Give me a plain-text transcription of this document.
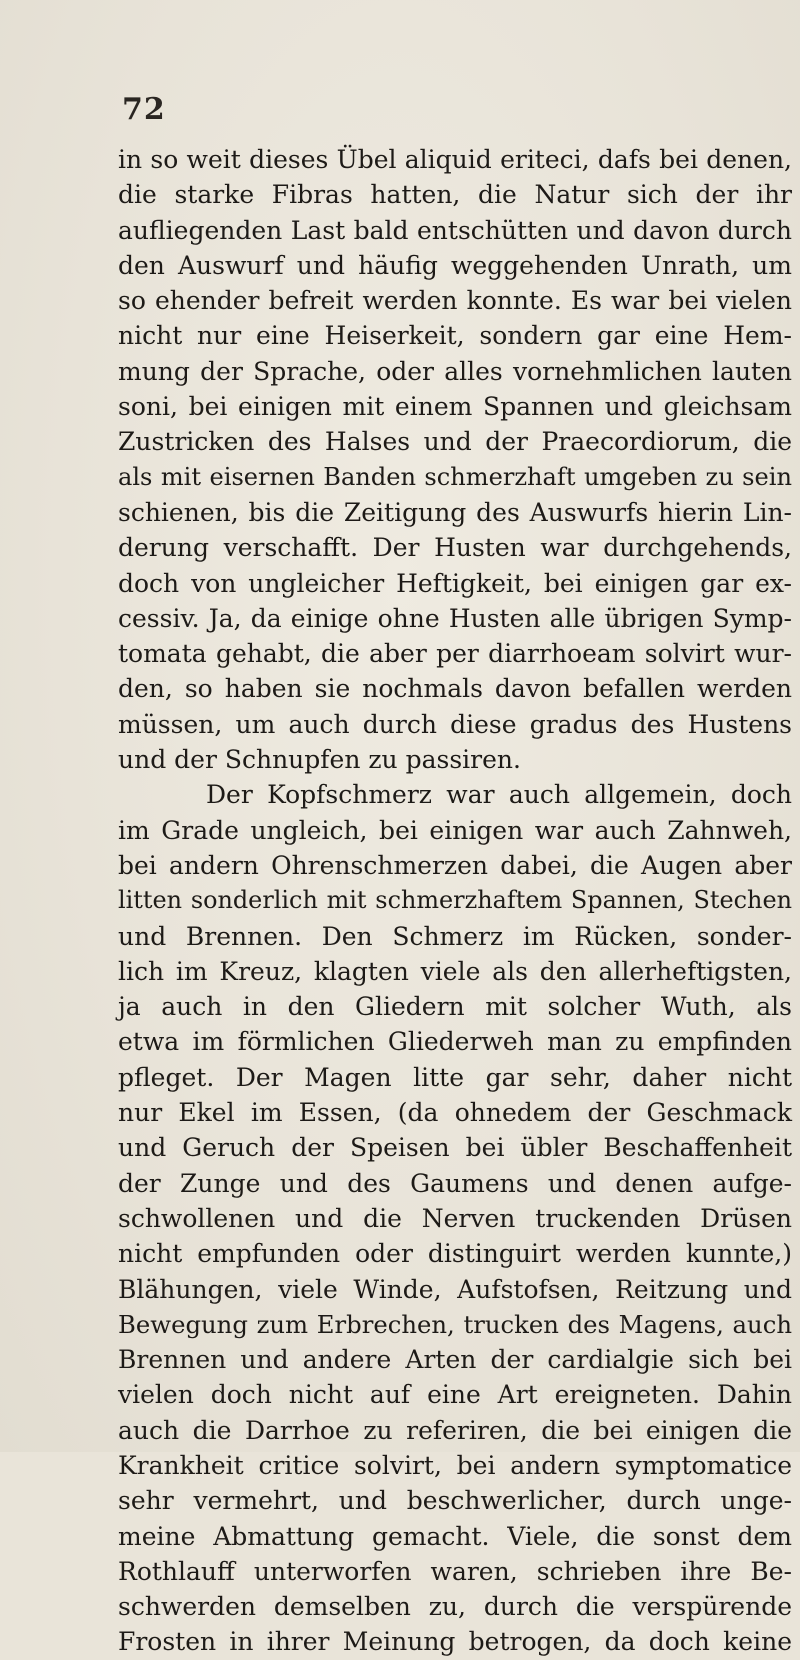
72
in so weit dieses Übel aliquid eriteci, dafs bei denen,
die starke Fibras hatten, die Natur sich der ihr
aufliegenden Last bald entschütten und davon durch
den Auswurf und häufig weggehenden Unrath, um
so ehender befreit werden konnte. Es war bei vielen
nicht nur eine Heiserkeit, sondern gar eine Hem-
mung der Sprache, oder alles vornehmlichen lauten
soni, bei einigen mit einem Spannen und gleichsam
Zustricken des Halses und der Praecordiorum, die
als mit eisernen Banden schmerzhaft umgeben zu sein
schienen, bis die Zeitigung des Auswurfs hierin Lin-
derung verschafft. Der Husten war durchgehends,
doch von ungleicher Heftigkeit, bei einigen gar ex-
cessiv. Ja, da einige ohne Husten alle übrigen Symp-
tomata gehabt, die aber per diarrhoeam solvirt wur-
den, so haben sie nochmals davon befallen werden
müssen, um auch durch diese gradus des Hustens
und der Schnupfen zu passiren.
Der Kopfschmerz war auch allgemein, doch
im Grade ungleich, bei einigen war auch Zahnweh,
bei andern Ohrenschmerzen dabei, die Augen aber
litten sonderlich mit schmerzhaftem Spannen, Stechen
und Brennen. Den Schmerz im Rücken, sonder-
lich im Kreuz, klagten viele als den allerheftigsten,
ja auch in den Gliedern mit solcher Wuth, als
etwa im förmlichen Gliederweh man zu empfinden
pfleget. Der Magen litte gar sehr, daher nicht
nur Ekel im Essen, (da ohnedem der Geschmack
und Geruch der Speisen bei übler Beschaffenheit
der Zunge und des Gaumens und denen aufge-
schwollenen und die Nerven truckenden Drüsen
nicht empfunden oder distinguirt werden kunnte,)
Blähungen, viele Winde, Aufstofsen, Reitzung und
Bewegung zum Erbrechen, trucken des Magens, auch
Brennen und andere Arten der cardialgie sich bei
vielen doch nicht auf eine Art ereigneten. Dahin
auch die Darrhoe zu referiren, die bei einigen die
Krankheit critice solvirt, bei andern symptomatice
sehr vermehrt, und beschwerlicher, durch unge-
meine Abmattung gemacht. Viele, die sonst dem
Rothlauff unterworfen waren, schrieben ihre Be-
schwerden demselben zu, durch die verspürende
Frosten in ihrer Meinung betrogen, da doch keine
